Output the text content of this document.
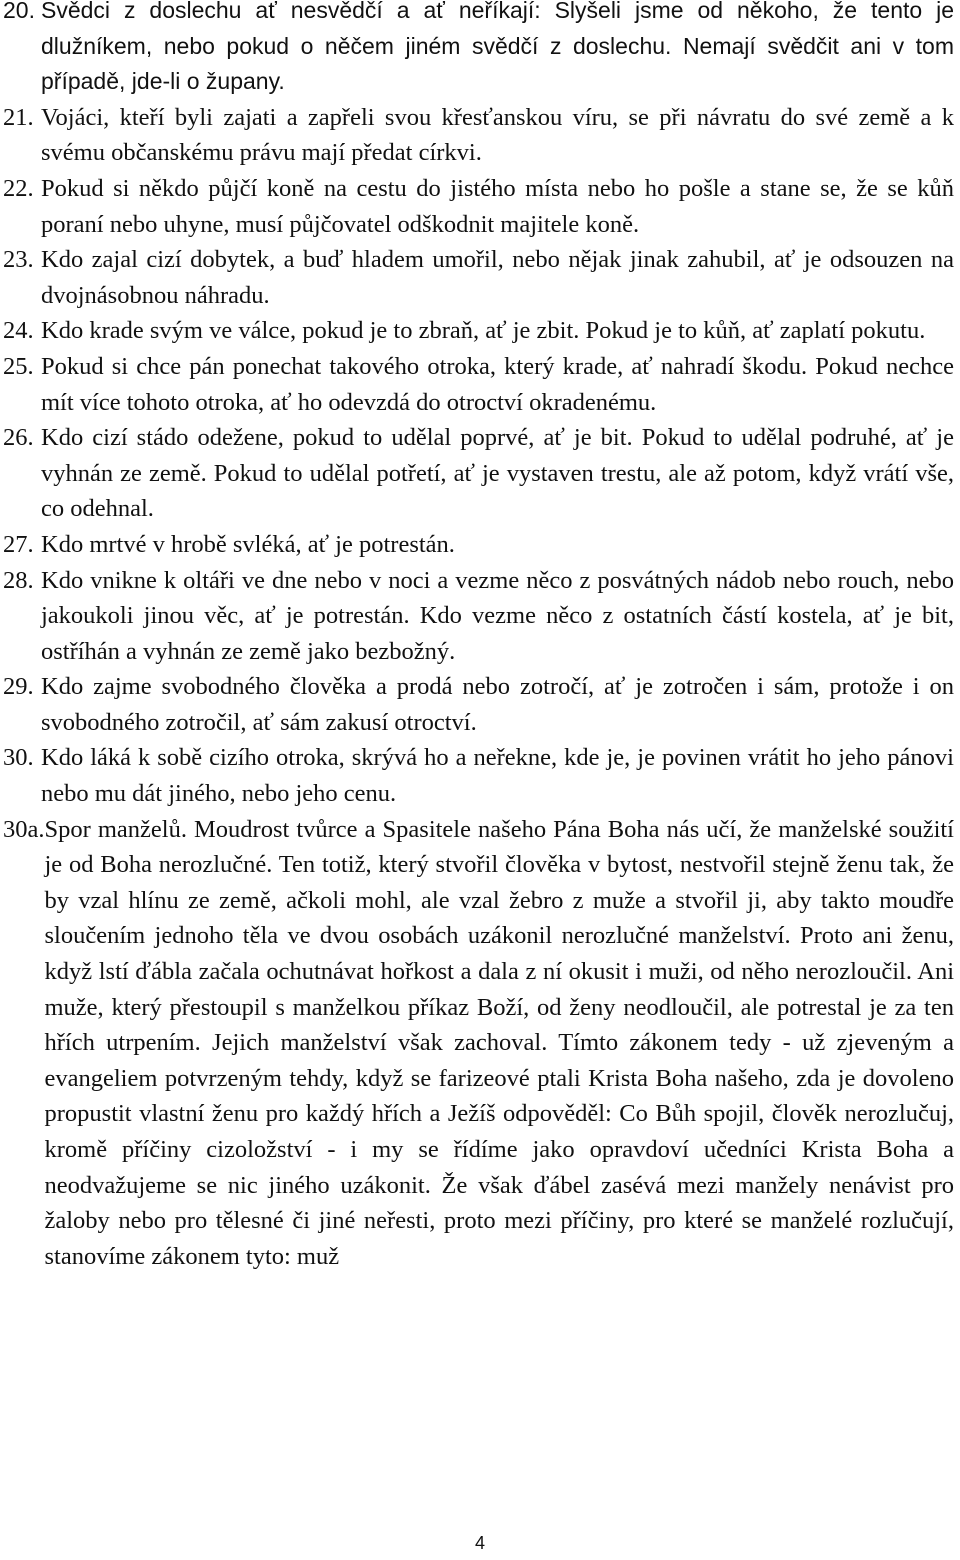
20. Svědci z doslechu ať nesvědčí a ať neříkají: Slyšeli jsme od někoho, že tento je dlužníkem, nebo pokud o něčem jiném svědčí z doslechu. Nemají svědčit ani v tom případě, jde-li o župany.
21. Vojáci, kteří byli zajati a zapřeli svou křesťanskou víru, se při návratu do své země a k svému občanskému právu mají předat církvi.
22. Pokud si někdo půjčí koně na cestu do jistého místa nebo ho pošle a stane se, že se kůň poraní nebo uhyne, musí půjčovatel odškodnit majitele koně.
23. Kdo zajal cizí dobytek, a buď hladem umořil, nebo nějak jinak zahubil, ať je odsouzen na dvojnásobnou náhradu.
24. Kdo krade svým ve válce, pokud je to zbraň, ať je zbit. Pokud je to kůň, ať zaplatí pokutu.
25. Pokud si chce pán ponechat takového otroka, který krade, ať nahradí škodu. Pokud nechce mít více tohoto otroka, ať ho odevzdá do otroctví okradenému.
26. Kdo cizí stádo odežene, pokud to udělal poprvé, ať je bit. Pokud to udělal podruhé, ať je vyhnán ze země. Pokud to udělal potřetí, ať je vystaven trestu, ale až potom, když vrátí vše, co odehnal.
27. Kdo mrtvé v hrobě svléká, ať je potrestán.
28. Kdo vnikne k oltáři ve dne nebo v noci a vezme něco z posvátných nádob nebo rouch, nebo jakoukoli jinou věc, ať je potrestán. Kdo vezme něco z ostatních částí kostela, ať je bit, ostříhán a vyhnán ze země jako bezbožný.
29. Kdo zajme svobodného člověka a prodá nebo zotročí, ať je zotročen i sám, protože i on svobodného zotročil, ať sám zakusí otroctví.
30. Kdo láká k sobě cizího otroka, skrývá ho a neřekne, kde je, je povinen vrátit ho jeho pánovi nebo mu dát jiného, nebo jeho cenu.
30a. Spor manželů. Moudrost tvůrce a Spasitele našeho Pána Boha nás učí, že manželské soužití je od Boha nerozlučné. Ten totiž, který stvořil člověka v bytost, nestvořil stejně ženu tak, že by vzal hlínu ze země, ačkoli mohl, ale vzal žebro z muže a stvořil ji, aby takto moudře sloučením jednoho těla ve dvou osobách uzákonil nerozlučné manželství. Proto ani ženu, když lstí ďábla začala ochutnávat hořkost a dala z ní okusit i muži, od něho nerozloučil. Ani muže, který přestoupil s manželkou příkaz Boží, od ženy neodloučil, ale potrestal je za ten hřích utrpením. Jejich manželství však zachoval. Tímto zákonem tedy - už zjeveným a evangeliem potvrzeným tehdy, když se farizeové ptali Krista Boha našeho, zda je dovoleno propustit vlastní ženu pro každý hřích a Ježíš odpověděl: Co Bůh spojil, člověk nerozlučuj, kromě příčiny cizoložství - i my se řídíme jako opravdoví učedníci Krista Boha a neodvažujeme se nic jiného uzákonit. Že však ďábel zasévá mezi manžely nenávist pro žaloby nebo pro tělesné či jiné neřesti, proto mezi příčiny, pro které se manželé rozlučují, stanovíme zákonem tyto: muž
4
